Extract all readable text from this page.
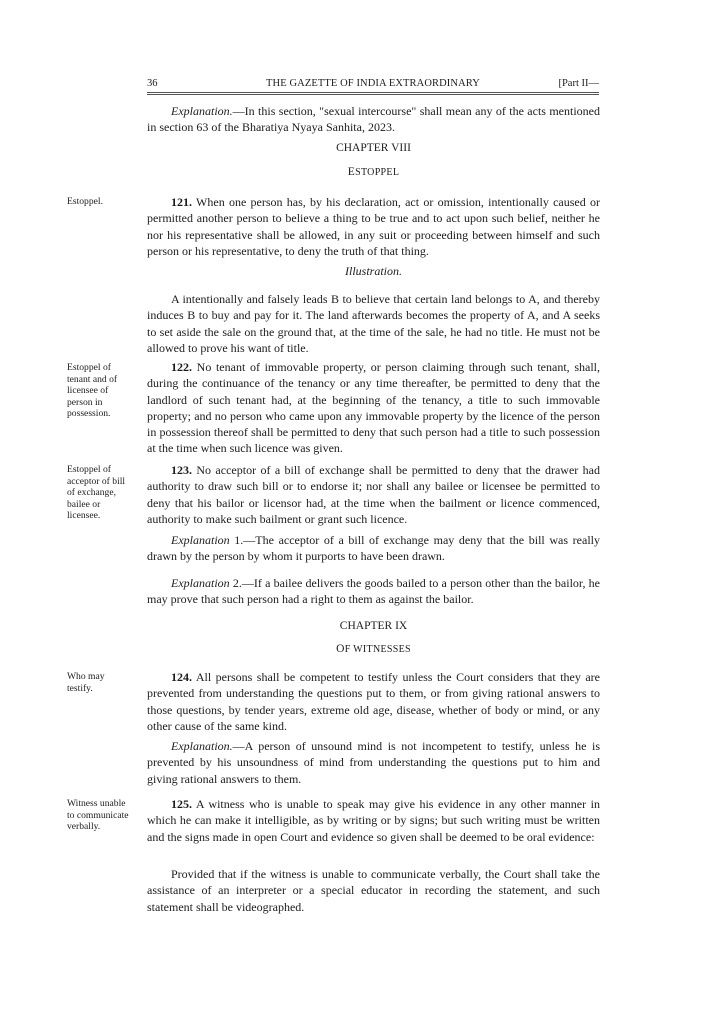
36	THE GAZETTE OF INDIA EXTRAORDINARY	[Part II—

Explanation.—In this section, "sexual intercourse" shall mean any of the acts mentioned in section 63 of the Bharatiya Nyaya Sanhita, 2023.

CHAPTER VIII

ESTOPPEL

Estoppel.	121. When one person has, by his declaration, act or omission, intentionally caused or permitted another person to believe a thing to be true and to act upon such belief, neither he nor his representative shall be allowed, in any suit or proceeding between himself and such person or his representative, to deny the truth of that thing.

Illustration.

A intentionally and falsely leads B to believe that certain land belongs to A, and thereby induces B to buy and pay for it. The land afterwards becomes the property of A, and A seeks to set aside the sale on the ground that, at the time of the sale, he had no title. He must not be allowed to prove his want of title.

Estoppel of tenant and of licensee of person in possession.

122. No tenant of immovable property, or person claiming through such tenant, shall, during the continuance of the tenancy or any time thereafter, be permitted to deny that the landlord of such tenant had, at the beginning of the tenancy, a title to such immovable property; and no person who came upon any immovable property by the licence of the person in possession thereof shall be permitted to deny that such person had a title to such possession at the time when such licence was given.

Estoppel of acceptor of bill of exchange, bailee or licensee.

123. No acceptor of a bill of exchange shall be permitted to deny that the drawer had authority to draw such bill or to endorse it; nor shall any bailee or licensee be permitted to deny that his bailor or licensor had, at the time when the bailment or licence commenced, authority to make such bailment or grant such licence.

Explanation 1.—The acceptor of a bill of exchange may deny that the bill was really drawn by the person by whom it purports to have been drawn.

Explanation 2.—If a bailee delivers the goods bailed to a person other than the bailor, he may prove that such person had a right to them as against the bailor.

CHAPTER IX

OF WITNESSES

Who may testify.

124. All persons shall be competent to testify unless the Court considers that they are prevented from understanding the questions put to them, or from giving rational answers to those questions, by tender years, extreme old age, disease, whether of body or mind, or any other cause of the same kind.

Explanation.—A person of unsound mind is not incompetent to testify, unless he is prevented by his unsoundness of mind from understanding the questions put to him and giving rational answers to them.

Witness unable to communicate verbally.

125. A witness who is unable to speak may give his evidence in any other manner in which he can make it intelligible, as by writing or by signs; but such writing must be written and the signs made in open Court and evidence so given shall be deemed to be oral evidence:

Provided that if the witness is unable to communicate verbally, the Court shall take the assistance of an interpreter or a special educator in recording the statement, and such statement shall be videographed.
